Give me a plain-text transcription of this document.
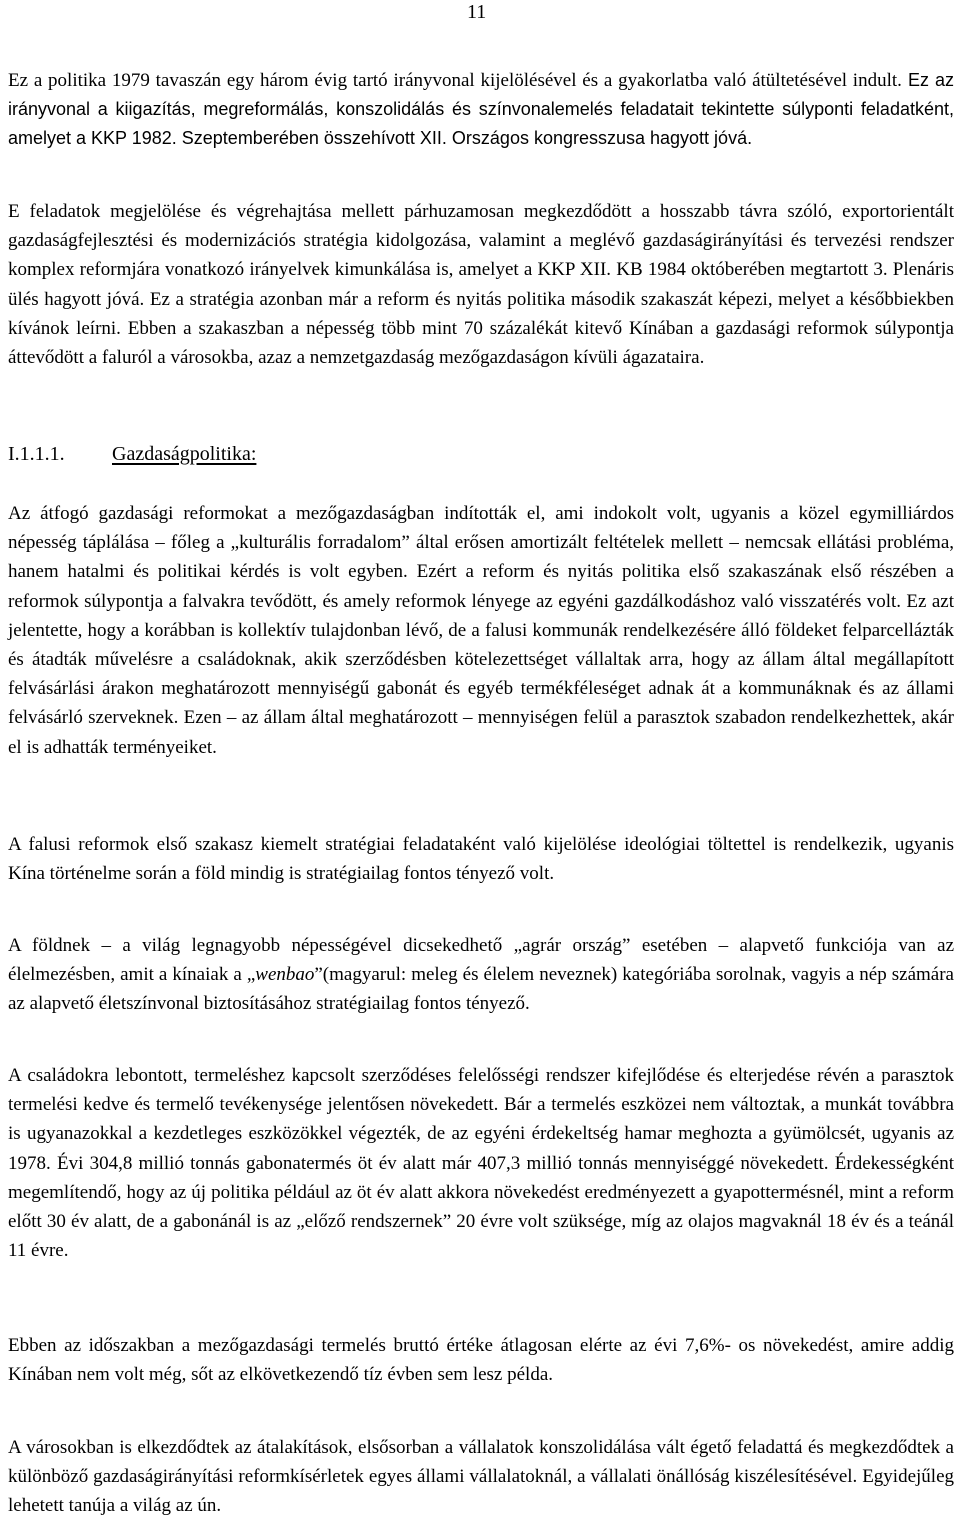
11

Ez a politika 1979 tavaszán egy három évig tartó irányvonal kijelölésével és a gyakorlatba való átültetésével indult. Ez az irányvonal a kiigazítás, megreformálás, konszolidálás és színvonalemelés feladatait tekintette súlyponti feladatként, amelyet a KKP 1982. Szeptemberében összehívott XII. Országos kongresszusa hagyott jóvá.

E feladatok megjelölése és végrehajtása mellett párhuzamosan megkezdődött a hosszabb távra szóló, exportorientált gazdaságfejlesztési és modernizációs stratégia kidolgozása, valamint a meglévő gazdaságirányítási és tervezési rendszer komplex reformjára vonatkozó irányelvek kimunkálása is, amelyet a KKP XII. KB 1984 októberében megtartott 3. Plenáris ülés hagyott jóvá. Ez a stratégia azonban már a reform és nyitás politika második szakaszát képezi, melyet a későbbiekben kívánok leírni. Ebben a szakaszban a népesség több mint 70 százalékát kitevő Kínában a gazdasági reformok súlypontja áttevődött a faluról a városokba, azaz a nemzetgazdaság mezőgazdaságon kívüli ágazataira.

I.1.1.1. Gazdaságpolitika:

Az átfogó gazdasági reformokat a mezőgazdaságban indították el, ami indokolt volt, ugyanis a közel egymilliárdos népesség táplálása – főleg a „kulturális forradalom” által erősen amortizált feltételek mellett – nemcsak ellátási probléma, hanem hatalmi és politikai kérdés is volt egyben. Ezért a reform és nyitás politika első szakaszának első részében a reformok súlypontja a falvakra tevődött, és amely reformok lényege az egyéni gazdálkodáshoz való visszatérés volt. Ez azt jelentette, hogy a korábban is kollektív tulajdonban lévő, de a falusi kommunák rendelkezésére álló földeket felparcellázták és átadták művelésre a családoknak, akik szerződésben kötelezettséget vállaltak arra, hogy az állam által megállapított felvásárlási árakon meghatározott mennyiségű gabonát és egyéb termékféleséget adnak át a kommunáknak és az állami felvásárló szerveknek. Ezen – az állam által meghatározott – mennyiségen felül a parasztok szabadon rendelkezhettek, akár el is adhatták terményeiket.

A falusi reformok első szakasz kiemelt stratégiai feladataként való kijelölése ideológiai töltettel is rendelkezik, ugyanis Kína történelme során a föld mindig is stratégiailag fontos tényező volt.

A földnek – a világ legnagyobb népességével dicsekedhető „agrár ország” esetében – alapvető funkciója van az élelmezésben, amit a kínaiak a „wenbao”(magyarul: meleg és élelem neveznek) kategóriába sorolnak, vagyis a nép számára az alapvető életszínvonal biztosításához stratégiailag fontos tényező.

A családokra lebontott, termeléshez kapcsolt szerződéses felelősségi rendszer kifejlődése és elterjedése révén a parasztok termelési kedve és termelő tevékenysége jelentősen növekedett. Bár a termelés eszközei nem változtak, a munkát továbbra is ugyanazokkal a kezdetleges eszközökkel végezték, de az egyéni érdekeltség hamar meghozta a gyümölcsét, ugyanis az 1978. Évi 304,8 millió tonnás gabonatermés öt év alatt már 407,3 millió tonnás mennyiséggé növekedett. Érdekességként megemlítendő, hogy az új politika például az öt év alatt akkora növekedést eredményezett a gyapottermésnél, mint a reform előtt 30 év alatt, de a gabonánál is az „előző rendszernek” 20 évre volt szüksége, míg az olajos magvaknál 18 év és a teánál 11 évre.

Ebben az időszakban a mezőgazdasági termelés bruttó értéke átlagosan elérte az évi 7,6%- os növekedést, amire addig Kínában nem volt még, sőt az elkövetkezendő tíz évben sem lesz példa.

A városokban is elkezdődtek az átalakítások, elsősorban a vállalatok konszolidálása vált égető feladattá és megkezdődtek a különböző gazdaságirányítási reformkísérletek egyes állami vállalatoknál, a vállalati önállóság kiszélesítésével. Egyidejűleg lehetett tanúja a világ az ún.
